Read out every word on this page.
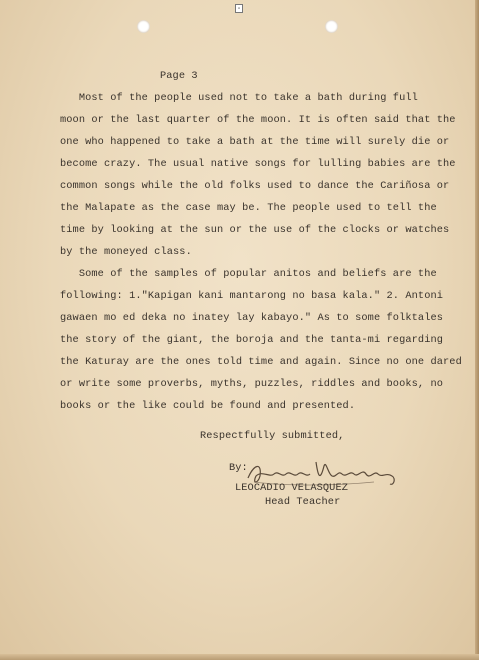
▫
Page 3
Most of the people used not to take a bath during full
moon or the last quarter of the moon. It is often said that the
one who happened to take a bath at the time will surely die or
become crazy. The usual native songs for lulling babies are the
common songs while the old folks used to dance the Cariñosa or
the Malapate as the case may be. The people used to tell the
time by looking at the sun or the use of the clocks or watches
by the moneyed class.
Some of the samples of popular anitos and beliefs are the
following: 1."Kapigan kani mantarong no basa kala." 2. Antoni
gawaen mo ed deka no inatey lay kabayo." As to some folktales
the story of the giant, the boroja and the tanta-mi regarding
the Katuray are the ones told time and again. Since no one dared
or write some proverbs, myths, puzzles, riddles and books, no
books or the like could be found and presented.
Respectfully submitted,
By:
LEOCADIO VELASQUEZ
Head Teacher
